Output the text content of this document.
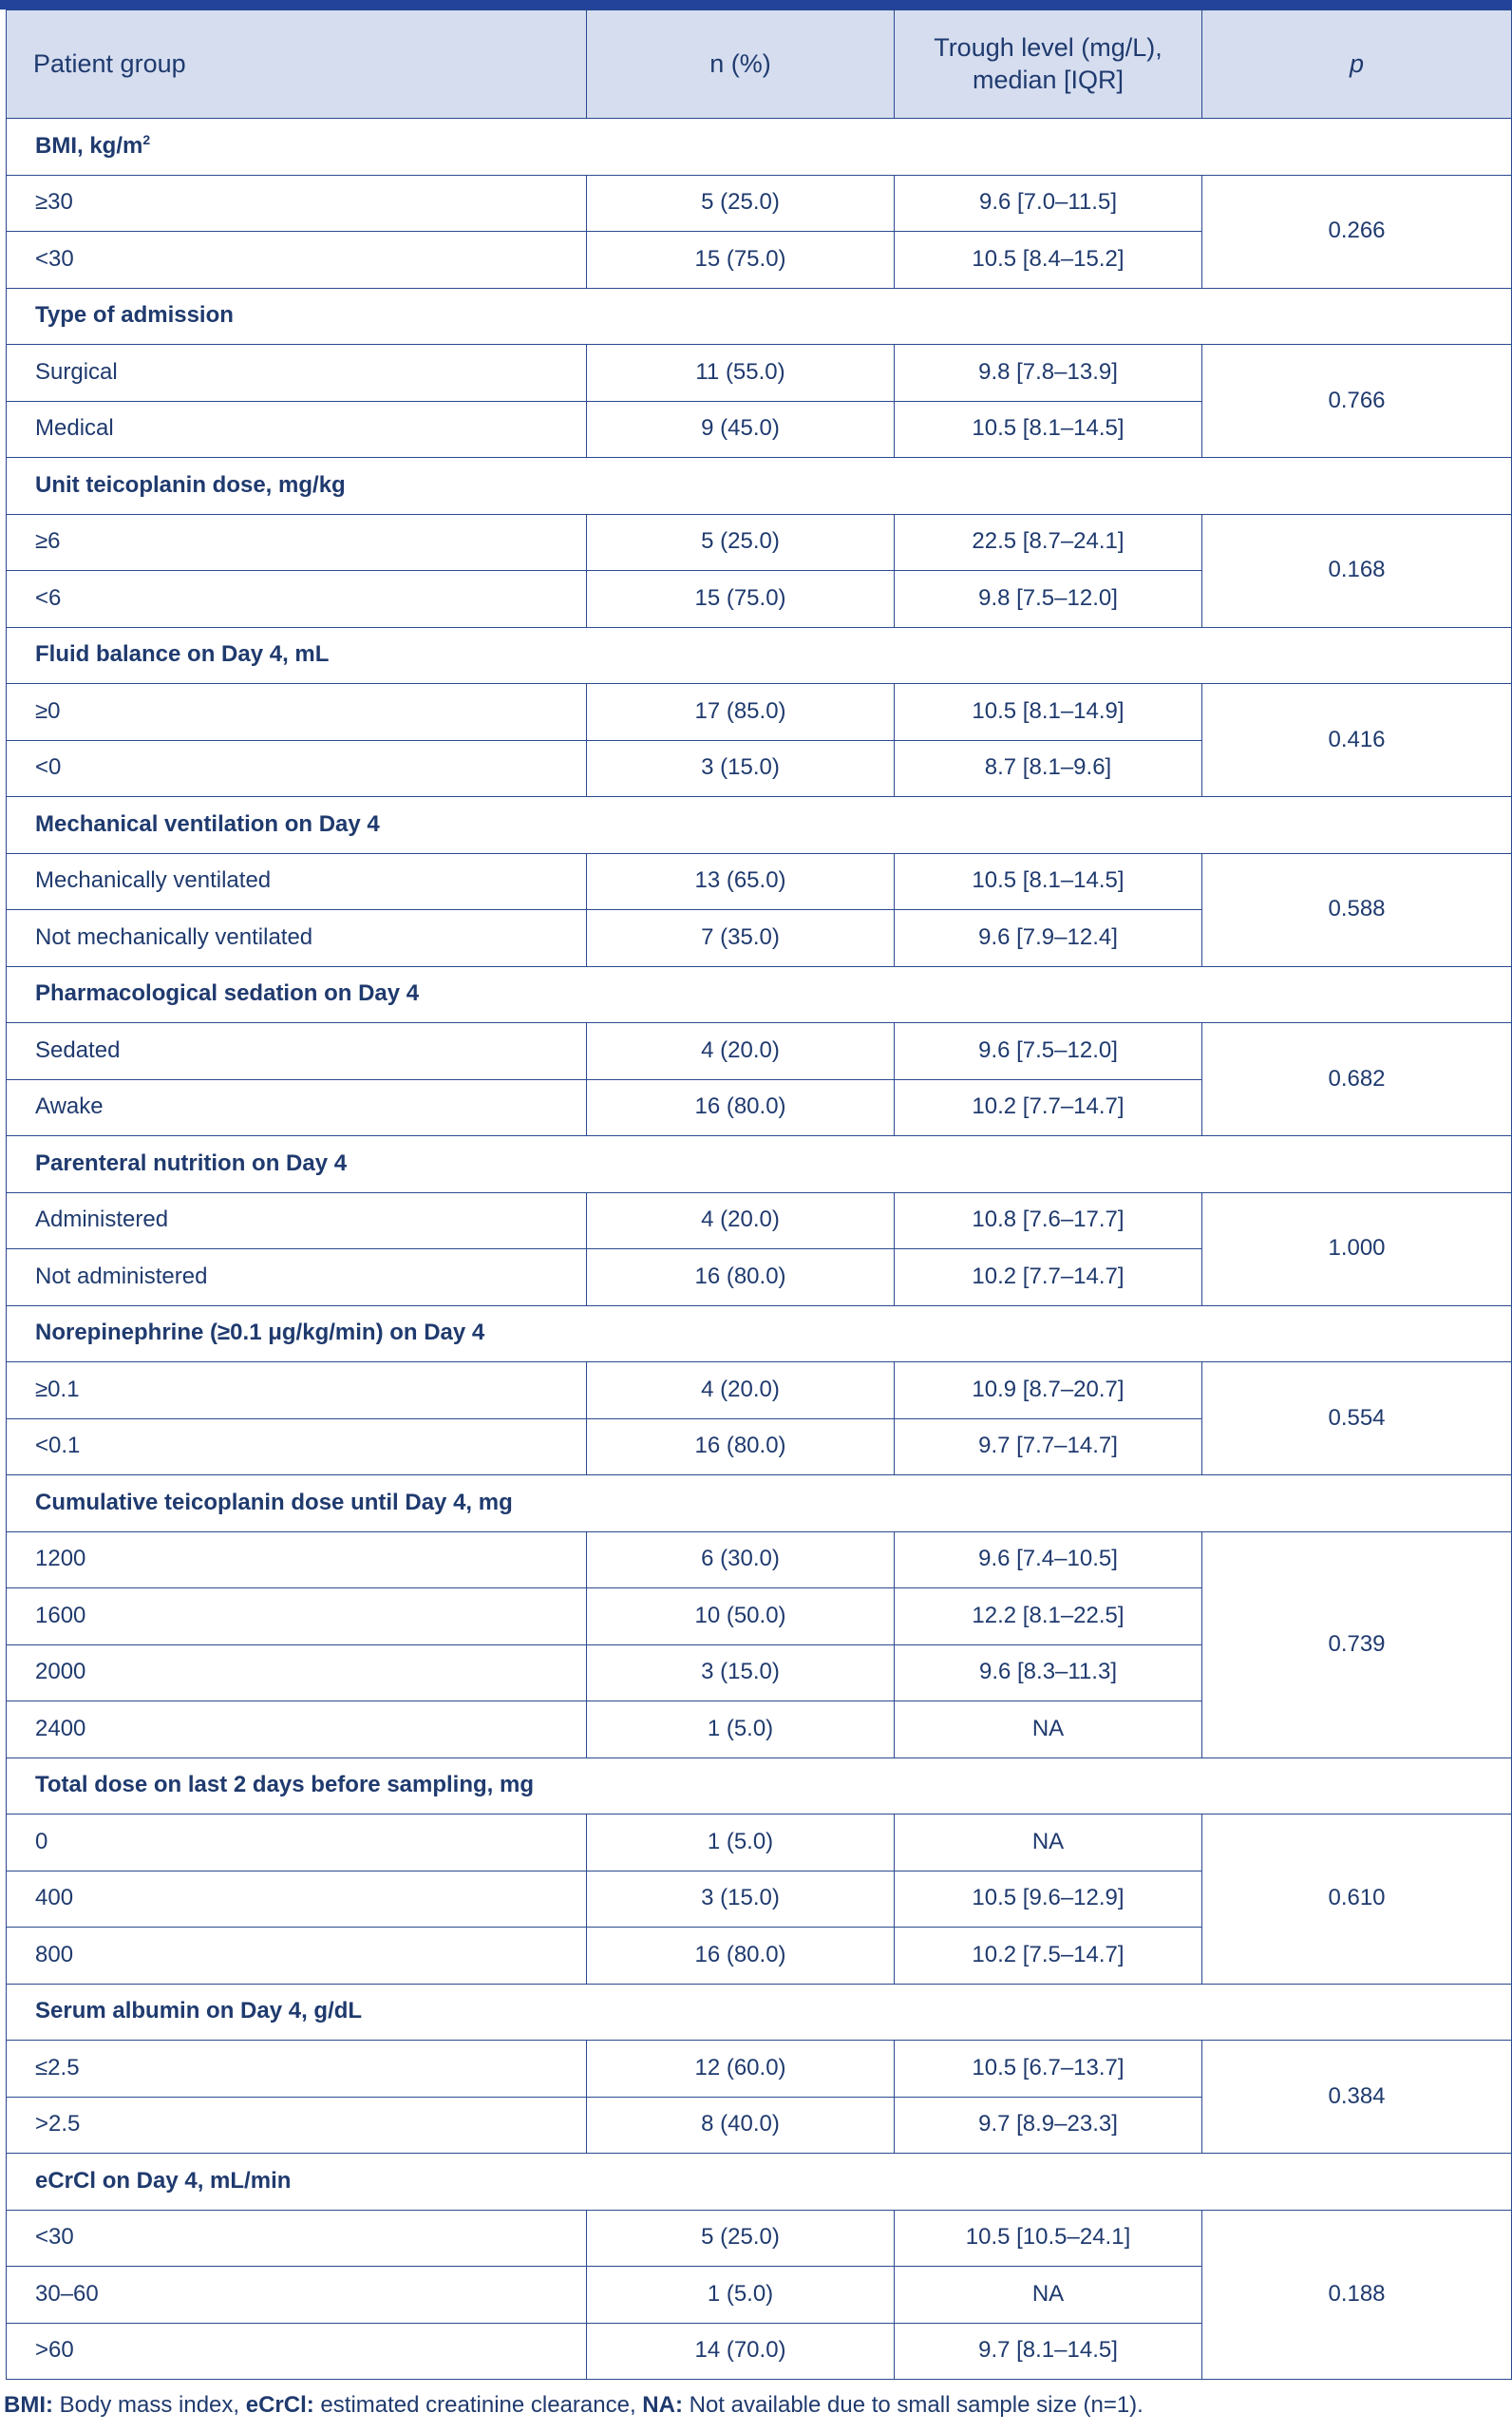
Patient group	n (%)	Trough level (mg/L),
median [IQR]	p
BMI, $kg/m^2$
≥30	5 (25.0)	9.6 [7.0–11.5]	0.266
<30	15 (75.0)	10.5 [8.4–15.2]	
Type of admission			
Surgical	11 (55.0)	9.8 [7.8–13.9]	0.766
Medical	9 (45.0)	10.5 [8.1–14.5]	
Unit teicoplanin dose, mg/kg			
≥6	5 (25.0)	22.5 [8.7–24.1]	0.168
<6	15 (75.0)	9.8 [7.5–12.0]	
Fluid balance on Day 4, mL			
≥0	17 (85.0)	10.5 [8.1–14.9]	0.416
<0	3 (15.0)	8.7 [8.1–9.6]	
Mechanical ventilation on Day 4			
Mechanically ventilated	13 (65.0)	10.5 [8.1–14.5]	0.588
Not mechanically ventilated	7 (35.0)	9.6 [7.9–12.4]	
Pharmacological sedation on Day 4			
Sedated	4 (20.0)	9.6 [7.5–12.0]	0.682
Awake	16 (80.0)	10.2 [7.7–14.7]	
Parenteral nutrition on Day 4			
Administered	4 (20.0)	10.8 [7.6–17.7]	1.000
Not administered	16 (80.0)	10.2 [7.7–14.7]	
Norepinephrine (≥0.1 μg/kg/min) on Day 4			
≥0.1	4 (20.0)	10.9 [8.7–20.7]	0.554
<0.1	16 (80.0)	9.7 [7.7–14.7]	
Cumulative teicoplanin dose until Day 4, mg			
1200	6 (30.0)	9.6 [7.4–10.5]	0.739
1600	10 (50.0)	12.2 [8.1–22.5]	
2000	3 (15.0)	9.6 [8.3–11.3]	
2400	1 (5.0)	NA	
Total dose on last 2 days before sampling, mg			
0	1 (5.0)	NA	0.610
400	3 (15.0)	10.5 [9.6–12.9]	
800	16 (80.0)	10.2 [7.5–14.7]	
Serum albumin on Day 4, g/dL			
≤2.5	12 (60.0)	10.5 [6.7–13.7]	0.384
>2.5	8 (40.0)	9.7 [8.9–23.3]	
eCrCl on Day 4, mL/min			
<30	5 (25.0)	10.5 [10.5–24.1]	0.188
30–60	1 (5.0)	NA	
>60	14 (70.0)	9.7 [8.1–14.5]	
BMI: Body mass index, eCrCl: estimated creatinine clearance, NA: Not available due to small sample size (n=1).
